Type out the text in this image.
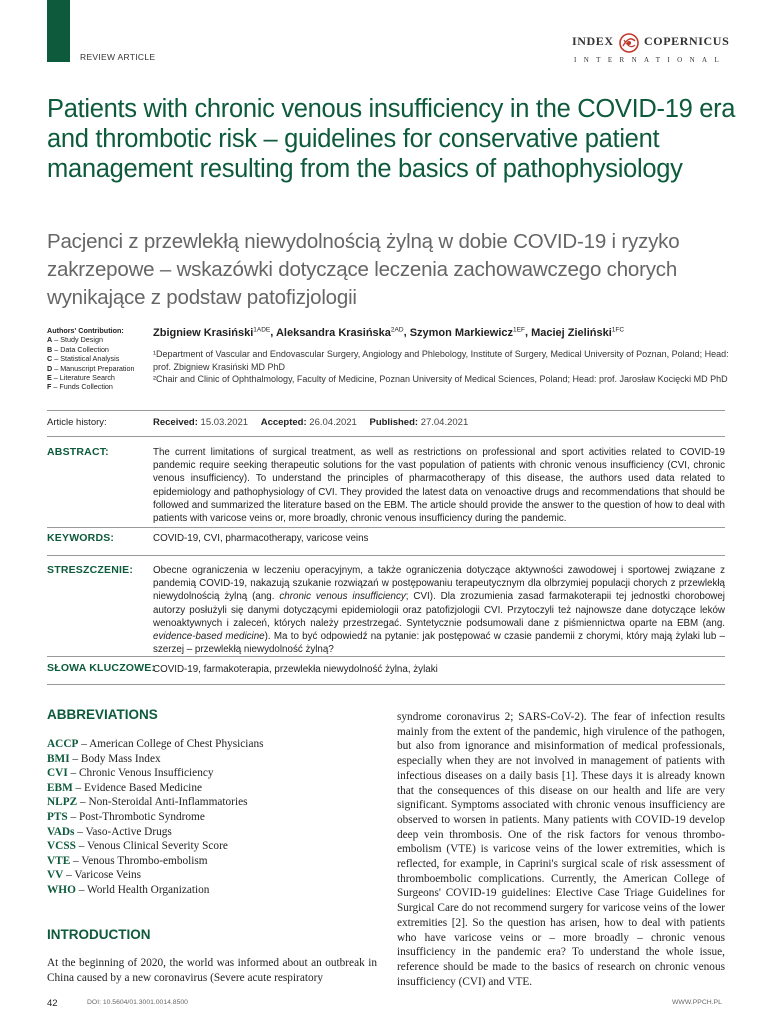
REVIEW ARTICLE
INDEX	COPERNICUS
INTERNATIONAL
Patients with chronic venous insufficiency in the COVID-19 era and thrombotic risk – guidelines for conservative patient management resulting from the basics of pathophysiology
Pacjenci z przewlekłą niewydolnością żylną w dobie COVID-19 i ryzyko zakrzepowe – wskazówki dotyczące leczenia zachowawczego chorych wynikające z podstaw patofizjologii
Authors' Contribution:
A – Study Design
B – Data Collection
C – Statistical Analysis
D – Manuscript Preparation
E – Literature Search
F – Funds Collection
Zbigniew Krasiński$^{1ADE}$, Aleksandra Krasińska$^{2AD}$, Szymon Markiewicz$^{1EF}$, Maciej Zieliński$^{1FC}$
¹Department of Vascular and Endovascular Surgery, Angiology and Phlebology, Institute of Surgery, Medical University of Poznan, Poland; Head: prof. Zbigniew Krasiński MD PhD
²Chair and Clinic of Ophthalmology, Faculty of Medicine, Poznan University of Medical Sciences, Poland; Head: prof. Jarosław Kocięcki MD PhD
Article history:	Received: 15.03.2021 Accepted: 26.04.2021 Published: 27.04.2021
ABSTRACT:	The current limitations of surgical treatment, as well as restrictions on professional and sport activities related to COVID-19 pandemic require seeking therapeutic solutions for the vast population of patients with chronic venous insufficiency (CVI, chronic venous insufficiency). To understand the principles of pharmacotherapy of this disease, the authors used data related to epidemiology and pathophysiology of CVI. They provided the latest data on venoactive drugs and recommendations that should be followed and summarized the literature based on the EBM. The article should provide the answer to the question of how to deal with patients with varicose veins or, more broadly, chronic venous insufficiency during the pandemic.
KEYWORDS:	COVID-19, CVI, pharmacotherapy, varicose veins
STRESZCZENIE: Obecne ograniczenia w leczeniu operacyjnym, a także ograniczenia dotyczące aktywności zawodowej i sportowej związane z pandemią COVID-19, nakazują szukanie rozwiązań w postępowaniu terapeutycznym dla olbrzymiej populacji chorych z przewlekłą niewydolnością żylną (ang. chronic venous insufficiency; CVI). Dla zrozumienia zasad farmakoterapii tej jednostki chorobowej autorzy posłużyli się danymi dotyczącymi epidemiologii oraz patofizjologii CVI. Przytoczyli też najnowsze dane dotyczące leków wenoaktywnych i zaleceń, których należy przestrzegać. Syntetycznie podsumowali dane z piśmiennictwa oparte na EBM (ang. evidence-based medicine). Ma to być odpowiedź na pytanie: jak postępować w czasie pandemii z chorymi, który mają żylaki lub – szerzej – przewlekłą niewydolność żylną?
SŁOWA KLUCZOWE:
COVID-19, farmakoterapia, przewlekła niewydolność żylna, żylaki
ABBREVIATIONS
ACCP – American College of Chest Physicians
BMI – Body Mass Index
CVI – Chronic Venous Insufficiency
EBM – Evidence Based Medicine
NLPZ – Non-Steroidal Anti-Inflammatories
PTS – Post-Thrombotic Syndrome
VADs – Vaso-Active Drugs
VCSS – Venous Clinical Severity Score
VTE – Venous Thrombo-embolism
VV – Varicose Veins
WHO – World Health Organization
INTRODUCTION
At the beginning of 2020, the world was informed about an outbreak in China caused by a new coronavirus (Severe acute respiratory
syndrome coronavirus 2; SARS-CoV-2). The fear of infection results mainly from the extent of the pandemic, high virulence of the pathogen, but also from ignorance and misinformation of medical professionals, especially when they are not involved in management of patients with infectious diseases on a daily basis [1]. These days it is already known that the consequences of this disease on our health and life are very significant. Symptoms associated with chronic venous insufficiency are observed to worsen in patients. Many patients with COVID-19 develop deep vein thrombosis. One of the risk factors for venous thrombo-embolism (VTE) is varicose veins of the lower extremities, which is reflected, for example, in Caprini's surgical scale of risk assessment of thromboembolic complications. Currently, the American College of Surgeons' COVID-19 guidelines: Elective Case Triage Guidelines for Surgical Care do not recommend surgery for varicose veins of the lower extremities [2]. So the question has arisen, how to deal with patients who have varicose veins or – more broadly – chronic venous insufficiency in the pandemic era? To understand the whole issue, reference should be made to the basics of research on chronic venous insufficiency (CVI) and VTE.
42	DOI: 10.5604/01.3001.0014.8500	WWW.PPCH.PL
